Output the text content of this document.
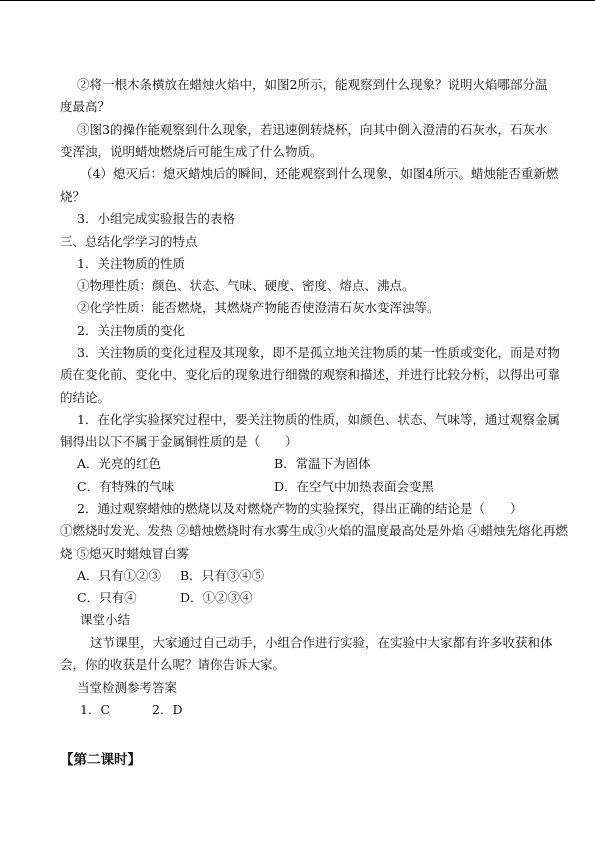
②将一根木条横放在蜡烛火焰中，如图2所示，能观察到什么现象？说明火焰哪部分温
度最高？
③图3的操作能观察到什么现象，若迅速倒转烧杯，向其中倒入澄清的石灰水，石灰水
变浑浊，说明蜡烛燃烧后可能生成了什么物质。
（4）熄灭后：熄灭蜡烛后的瞬间，还能观察到什么现象，如图4所示。蜡烛能否重新燃
烧？
3．小组完成实验报告的表格
三、总结化学学习的特点
1．关注物质的性质
①物理性质：颜色、状态、气味、硬度、密度、熔点、沸点。
②化学性质：能否燃烧，其燃烧产物能否使澄清石灰水变浑浊等。
2．关注物质的变化
3．关注物质的变化过程及其现象，即不是孤立地关注物质的某一性质或变化，而是对物
质在变化前、变化中、变化后的现象进行细微的观察和描述，并进行比较分析，以得出可靠
的结论。
1．在化学实验探究过程中，要关注物质的性质，如颜色、状态、气味等，通过观察金属
铜得出以下不属于金属铜性质的是（　　）
A．光亮的红色	B．常温下为固体
C．有特殊的气味	D．在空气中加热表面会变黑
2．通过观察蜡烛的燃烧以及对燃烧产物的实验探究，得出正确的结论是（　　）
①燃烧时发光、发热 ②蜡烛燃烧时有水雾生成③火焰的温度最高处是外焰 ④蜡烛先熔化再燃
烧 ⑤熄灭时蜡烛冒白雾
A．只有①②③ B．只有③④⑤
C．只有④	D．①②③④
课堂小结
这节课里，大家通过自己动手，小组合作进行实验，在实验中大家都有许多收获和体
会，你的收获是什么呢？请你告诉大家。
当堂检测参考答案
1．C	2．D
【第二课时】
